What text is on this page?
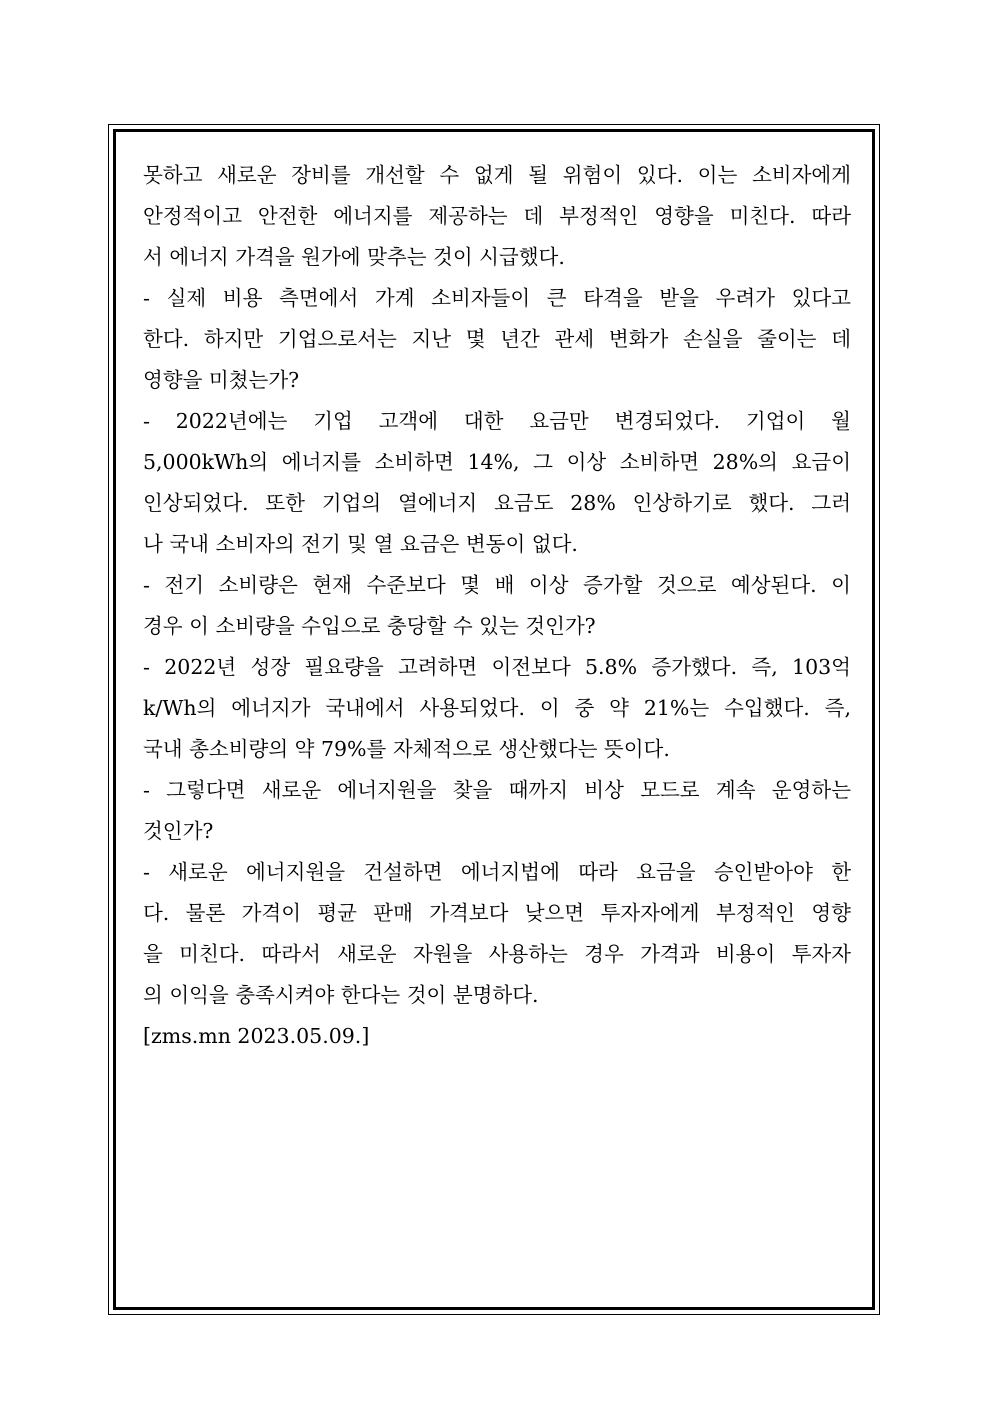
못하고 새로운 장비를 개선할 수 없게 될 위험이 있다. 이는 소비자에게
안정적이고 안전한 에너지를 제공하는 데 부정적인 영향을 미친다. 따라
서 에너지 가격을 원가에 맞추는 것이 시급했다.
- 실제 비용 측면에서 가계 소비자들이 큰 타격을 받을 우려가 있다고
한다. 하지만 기업으로서는 지난 몇 년간 관세 변화가 손실을 줄이는 데
영향을 미쳤는가?
- 2022년에는 기업 고객에 대한 요금만 변경되었다. 기업이 월
5,000kWh의 에너지를 소비하면 14%, 그 이상 소비하면 28%의 요금이
인상되었다. 또한 기업의 열에너지 요금도 28% 인상하기로 했다. 그러
나 국내 소비자의 전기 및 열 요금은 변동이 없다.
- 전기 소비량은 현재 수준보다 몇 배 이상 증가할 것으로 예상된다. 이
경우 이 소비량을 수입으로 충당할 수 있는 것인가?
- 2022년 성장 필요량을 고려하면 이전보다 5.8% 증가했다. 즉, 103억
k/Wh의 에너지가 국내에서 사용되었다. 이 중 약 21%는 수입했다. 즉,
국내 총소비량의 약 79%를 자체적으로 생산했다는 뜻이다.
- 그렇다면 새로운 에너지원을 찾을 때까지 비상 모드로 계속 운영하는
것인가?
- 새로운 에너지원을 건설하면 에너지법에 따라 요금을 승인받아야 한
다. 물론 가격이 평균 판매 가격보다 낮으면 투자자에게 부정적인 영향
을 미친다. 따라서 새로운 자원을 사용하는 경우 가격과 비용이 투자자
의 이익을 충족시켜야 한다는 것이 분명하다.
[zms.mn 2023.05.09.]
